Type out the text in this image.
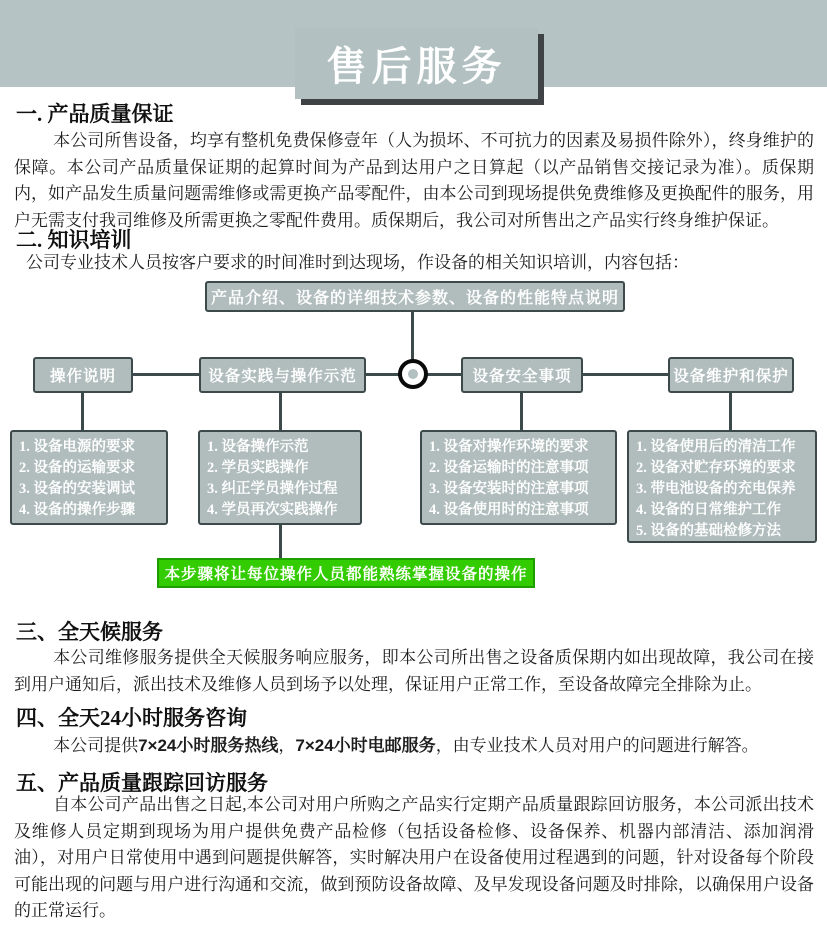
售后服务
一. 产品质量保证
本公司所售设备，均享有整机免费保修壹年（人为损坏、不可抗力的因素及易损件除外），终身维护的保障。本公司产品质量保证期的起算时间为产品到达用户之日算起（以产品销售交接记录为准）。质保期内，如产品发生质量问题需维修或需更换产品零配件，由本公司到现场提供免费维修及更换配件的服务，用户无需支付我司维修及所需更换之零配件费用。质保期后，我公司对所售出之产品实行终身维护保证。
二. 知识培训
公司专业技术人员按客户要求的时间准时到达现场，作设备的相关知识培训，内容包括：
产品介绍、设备的详细技术参数、设备的性能特点说明
操作说明	设备实践与操作示范	设备安全事项	设备维护和保护
1. 设备电源的要求
2. 设备的运输要求
3. 设备的安装调试
4. 设备的操作步骤
1. 设备操作示范
2. 学员实践操作
3. 纠正学员操作过程
4. 学员再次实践操作
1. 设备对操作环境的要求
2. 设备运输时的注意事项
3. 设备安装时的注意事项
4. 设备使用时的注意事项
1. 设备使用后的清洁工作
2. 设备对贮存环境的要求
3. 带电池设备的充电保养
4. 设备的日常维护工作
5. 设备的基础检修方法
本步骤将让每位操作人员都能熟练掌握设备的操作
三、全天候服务
本公司维修服务提供全天候服务响应服务，即本公司所出售之设备质保期内如出现故障，我公司在接到用户通知后，派出技术及维修人员到场予以处理，保证用户正常工作，至设备故障完全排除为止。
四、全天24小时服务咨询
本公司提供7×24小时服务热线，7×24小时电邮服务，由专业技术人员对用户的问题进行解答。
五、产品质量跟踪回访服务
自本公司产品出售之日起,本公司对用户所购之产品实行定期产品质量跟踪回访服务，本公司派出技术及维修人员定期到现场为用户提供免费产品检修（包括设备检修、设备保养、机器内部清洁、添加润滑油），对用户日常使用中遇到问题提供解答，实时解决用户在设备使用过程遇到的问题，针对设备每个阶段可能出现的问题与用户进行沟通和交流，做到预防设备故障、及早发现设备问题及时排除，以确保用户设备的正常运行。
